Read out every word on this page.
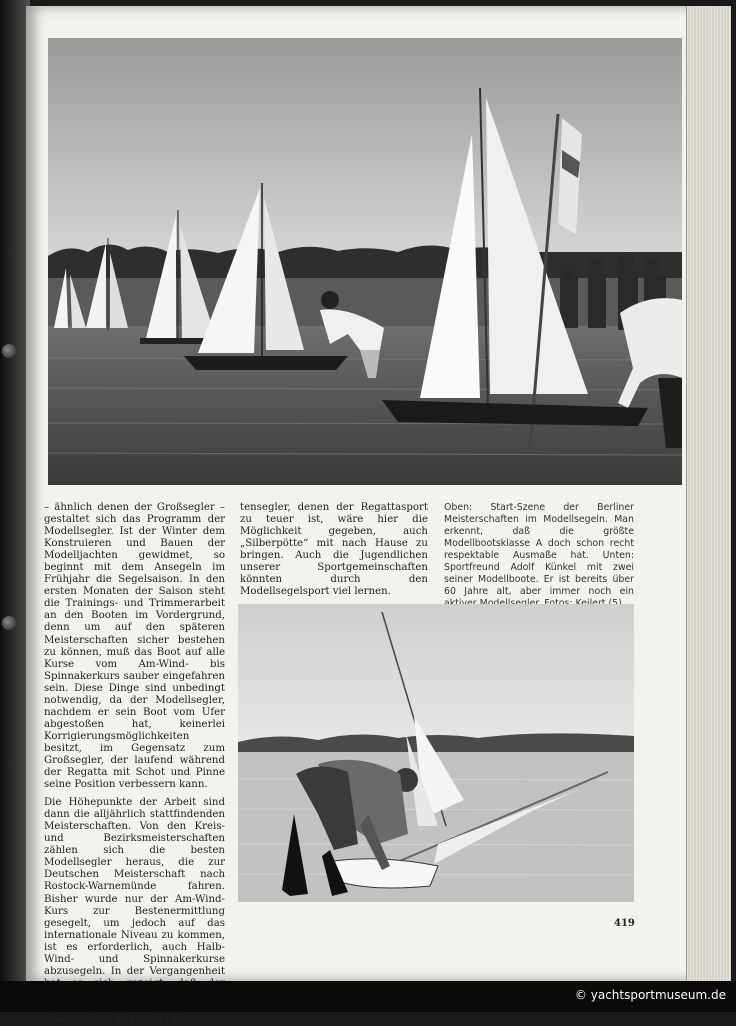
– ähnlich denen der Großsegler – gestaltet sich das Programm der Modellsegler. Ist der Winter dem Konstruieren und Bauen der Modelljachten gewidmet, so beginnt mit dem Ansegeln im Frühjahr die Segelsaison. In den ersten Monaten der Saison steht die Trainings- und Trimmerarbeit an den Booten im Vordergrund, denn um auf den späteren Meisterschaften sicher bestehen zu können, muß das Boot auf alle Kurse vom Am-Wind- bis Spinnakerkurs sauber eingefahren sein. Diese Dinge sind unbedingt notwendig, da der Modellsegler, nachdem er sein Boot vom Ufer abgestoßen hat, keinerlei Korrigierungsmöglichkeiten besitzt, im Gegensatz zum Großsegler, der laufend während der Regatta mit Schot und Pinne seine Position verbessern kann.

Die Höhepunkte der Arbeit sind dann die alljährlich stattfindenden Meisterschaften. Von den Kreis- und Bezirksmeisterschaften zählen sich die besten Modellsegler heraus, die zur Deutschen Meisterschaft nach Rostock-Warnemünde fahren. Bisher wurde nur der Am-Wind-Kurs zur Bestenermittlung gesegelt, um jedoch auf das internationale Niveau zu kommen, ist es erforderlich, auch Halb-Wind- und Spinnakerkurse abzusegeln. In der Vergangenheit Chancen hat. Für viele Fahr-

tensegler, denen der Regattasport zu teuer ist, wäre hier die Möglichkeit gegeben, auch „Silberpötte“ mit nach Hause zu bringen. Auch die Jugendlichen unserer Sportgemeinschaften könnten durch den Modellsegelsport viel lernen.

Oben: Start-Szene der Berliner Meisterschaften im Modellsegeln. Man erkennt, daß die größte Modellbootsklasse A doch schon recht respektable Ausmaße hat. Unten: Sportfreund Adolf Künkel mit zwei seiner Modellboote. Er ist bereits über 60 Jahre alt, aber immer noch ein

419
© yachtsportmuseum.de
